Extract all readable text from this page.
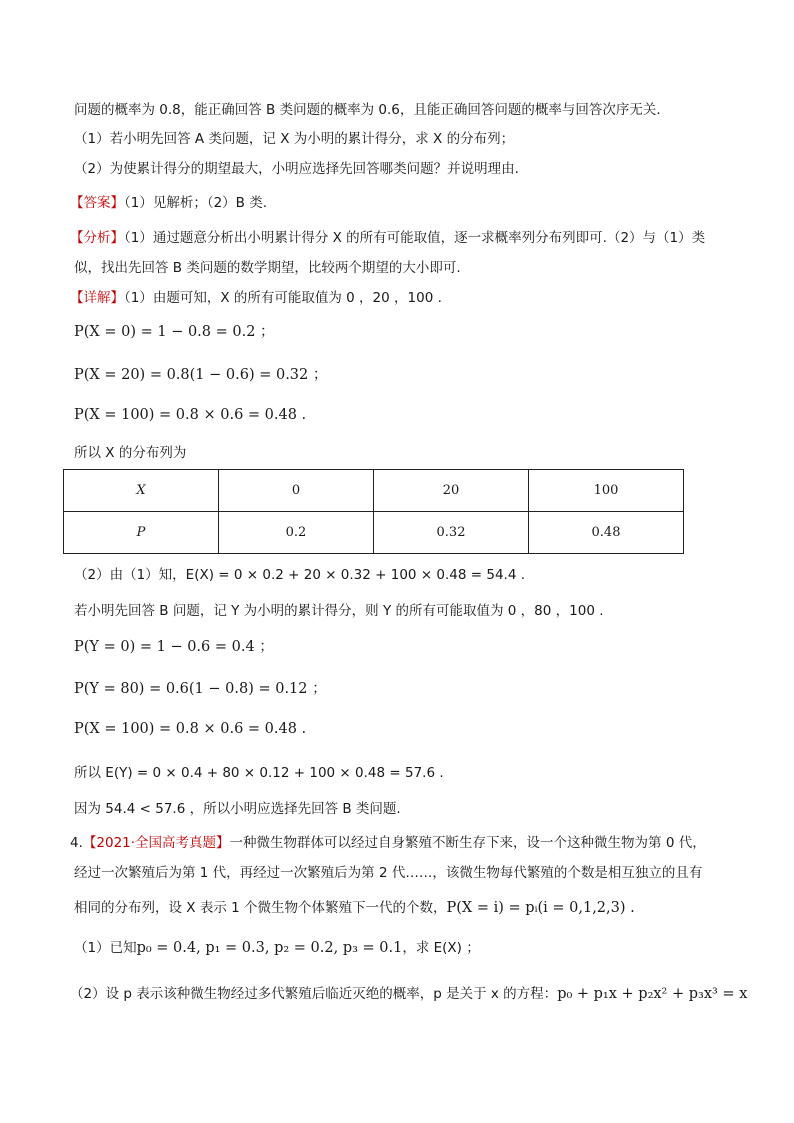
问题的概率为 0.8，能正确回答 B 类问题的概率为 0.6，且能正确回答问题的概率与回答次序无关.
（1）若小明先回答 A 类问题，记 X 为小明的累计得分，求 X 的分布列；
（2）为使累计得分的期望最大，小明应选择先回答哪类问题？并说明理由.
【答案】（1）见解析；（2）B 类.
【分析】（1）通过题意分析出小明累计得分 X 的所有可能取值，逐一求概率列分布列即可.（2）与（1）类
似，找出先回答 B 类问题的数学期望，比较两个期望的大小即可.
【详解】（1）由题可知，X 的所有可能取值为 0 ，20 ，100 .
P(X = 0) = 1 − 0.8 = 0.2 ；
P(X = 20) = 0.8(1 − 0.6) = 0.32 ；
P(X = 100) = 0.8 × 0.6 = 0.48 .
所以 X 的分布列为
X	0	20	100
P	0.2	0.32	0.48
（2）由（1）知，E(X) = 0 × 0.2 + 20 × 0.32 + 100 × 0.48 = 54.4 .
若小明先回答 B 问题，记 Y 为小明的累计得分，则 Y 的所有可能取值为 0 ，80 ，100 .
P(Y = 0) = 1 − 0.6 = 0.4 ；
P(Y = 80) = 0.6(1 − 0.8) = 0.12 ；
P(X = 100) = 0.8 × 0.6 = 0.48 .
所以 E(Y) = 0 × 0.4 + 80 × 0.12 + 100 × 0.48 = 57.6 .
因为 54.4 < 57.6 ，所以小明应选择先回答 B 类问题.
4.【2021·全国高考真题】一种微生物群体可以经过自身繁殖不断生存下来，设一个这种微生物为第 0 代，
经过一次繁殖后为第 1 代，再经过一次繁殖后为第 2 代……，该微生物每代繁殖的个数是相互独立的且有
相同的分布列，设 X 表示 1 个微生物个体繁殖下一代的个数，P(X = i) = pᵢ(i = 0,1,2,3) .
（1）已知p₀ = 0.4, p₁ = 0.3, p₂ = 0.2, p₃ = 0.1，求 E(X) ；
（2）设 p 表示该种微生物经过多代繁殖后临近灭绝的概率，p 是关于 x 的方程：p₀ + p₁x + p₂x² + p₃x³ = x
